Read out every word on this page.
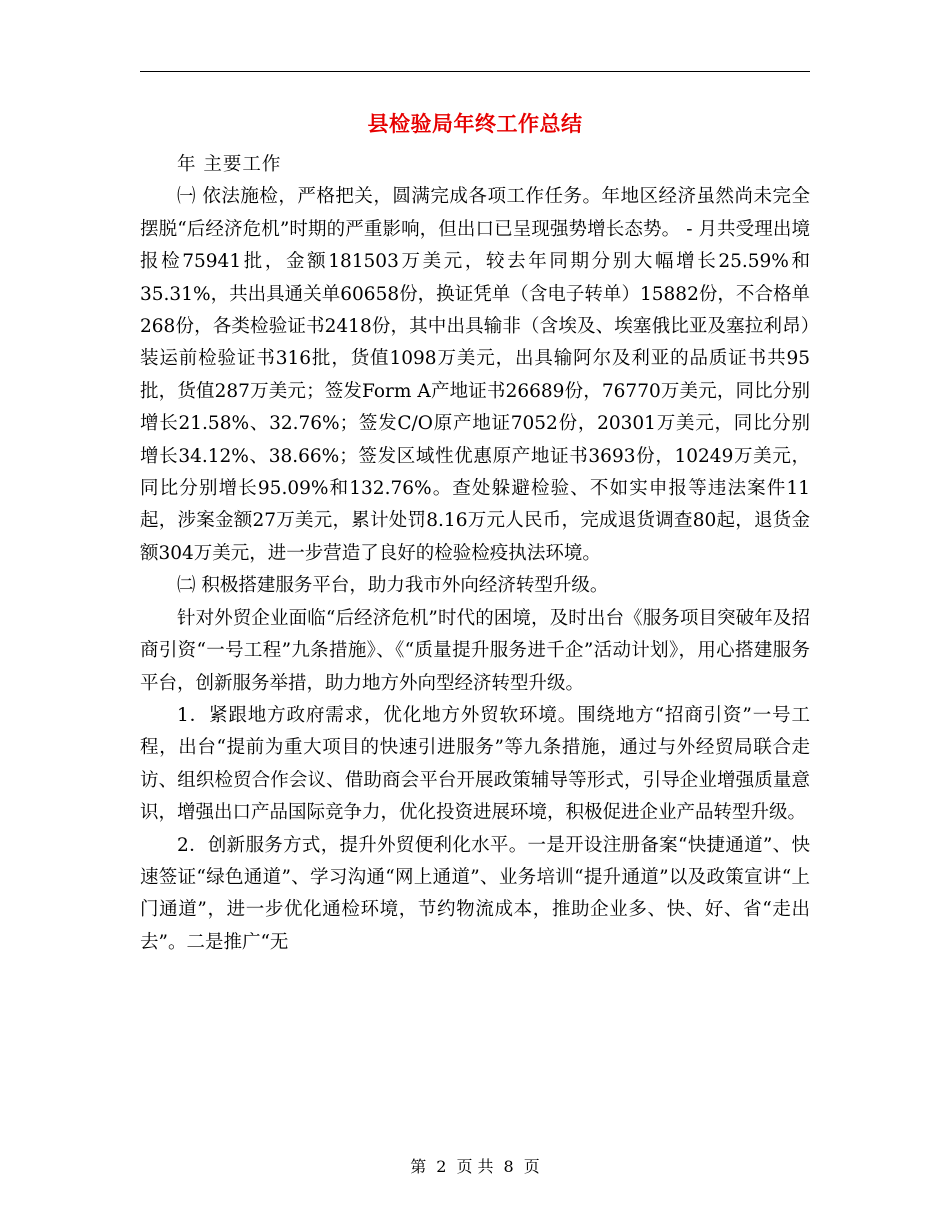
县检验局年终工作总结

年 主要工作

㈠ 依法施检，严格把关，圆满完成各项工作任务。年地区经济虽然尚未完全摆脱“后经济危机”时期的严重影响，但出口已呈现强势增长态势。 - 月共受理出境报检75941批，金额181503万美元，较去年同期分别大幅增长25.59%和35.31%，共出具通关单60658份，换证凭单（含电子转单）15882份，不合格单268份，各类检验证书2418份，其中出具输非（含埃及、埃塞俄比亚及塞拉利昂）装运前检验证书316批，货值1098万美元，出具输阿尔及利亚的品质证书共95批，货值287万美元；签发Form A产地证书26689份，76770万美元，同比分别增长21.58%、32.76%；签发C/O原产地证7052份，20301万美元，同比分别增长34.12%、38.66%；签发区域性优惠原产地证书3693份，10249万美元，同比分别增长95.09%和132.76%。查处躲避检验、不如实申报等违法案件11起，涉案金额27万美元，累计处罚8.16万元人民币，完成退货调查80起，退货金额304万美元，进一步营造了良好的检验检疫执法环境。

㈡ 积极搭建服务平台，助力我市外向经济转型升级。

针对外贸企业面临“后经济危机”时代的困境，及时出台《服务项目突破年及招商引资“一号工程”九条措施》、《“质量提升服务进千企”活动计划》，用心搭建服务平台，创新服务举措，助力地方外向型经济转型升级。

1．紧跟地方政府需求，优化地方外贸软环境。围绕地方“招商引资”一号工程，出台“提前为重大项目的快速引进服务”等九条措施，通过与外经贸局联合走访、组织检贸合作会议、借助商会平台开展政策辅导等形式，引导企业增强质量意识，增强出口产品国际竞争力，优化投资进展环境，积极促进企业产品转型升级。

2．创新服务方式，提升外贸便利化水平。一是开设注册备案“快捷通道”、快速签证“绿色通道”、学习沟通“网上通道”、业务培训“提升通道”以及政策宣讲“上门通道”，进一步优化通检环境，节约物流成本，推助企业多、快、好、省“走出去”。二是推广“无

第 2 页 共 8 页
